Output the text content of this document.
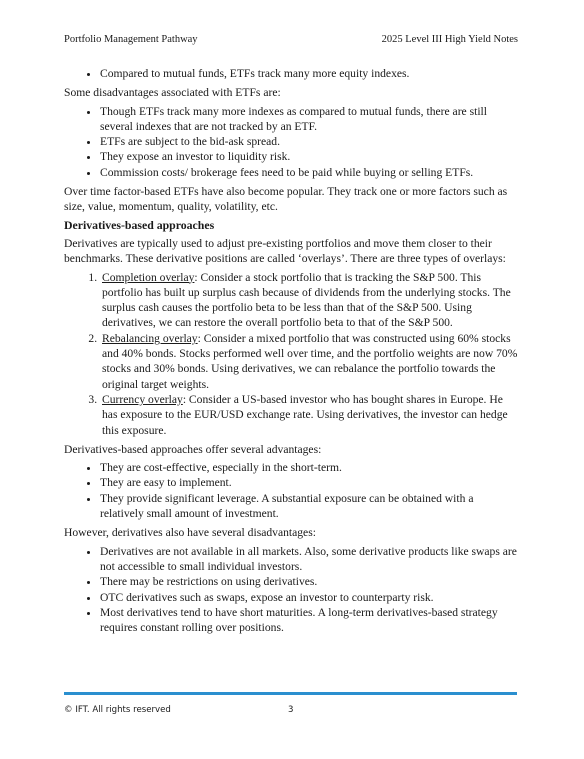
Portfolio Management Pathway	2025 Level III High Yield Notes
• Compared to mutual funds, ETFs track many more equity indexes.

Some disadvantages associated with ETFs are:

• Though ETFs track many more indexes as compared to mutual funds, there are still several indexes that are not tracked by an ETF.
• ETFs are subject to the bid-ask spread.
• They expose an investor to liquidity risk.
• Commission costs/ brokerage fees need to be paid while buying or selling ETFs.

Over time factor-based ETFs have also become popular. They track one or more factors such as size, value, momentum, quality, volatility, etc.

Derivatives-based approaches

Derivatives are typically used to adjust pre-existing portfolios and move them closer to their benchmarks. These derivative positions are called ‘overlays’. There are three types of overlays:

1. Completion overlay: Consider a stock portfolio that is tracking the S&P 500. This portfolio has built up surplus cash because of dividends from the underlying stocks. The surplus cash causes the portfolio beta to be less than that of the S&P 500. Using derivatives, we can restore the overall portfolio beta to that of the S&P 500.
2. Rebalancing overlay: Consider a mixed portfolio that was constructed using 60% stocks and 40% bonds. Stocks performed well over time, and the portfolio weights are now 70% stocks and 30% bonds. Using derivatives, we can rebalance the portfolio towards the original target weights.
3. Currency overlay: Consider a US-based investor who has bought shares in Europe. He has exposure to the EUR/USD exchange rate. Using derivatives, the investor can hedge this exposure.

Derivatives-based approaches offer several advantages:

• They are cost-effective, especially in the short-term.
• They are easy to implement.
• They provide significant leverage. A substantial exposure can be obtained with a relatively small amount of investment.

However, derivatives also have several disadvantages:

• Derivatives are not available in all markets. Also, some derivative products like swaps are not accessible to small individual investors.
• There may be restrictions on using derivatives.
• OTC derivatives such as swaps, expose an investor to counterparty risk.
• Most derivatives tend to have short maturities. A long-term derivatives-based strategy requires constant rolling over positions.
© IFT. All rights reserved	3
